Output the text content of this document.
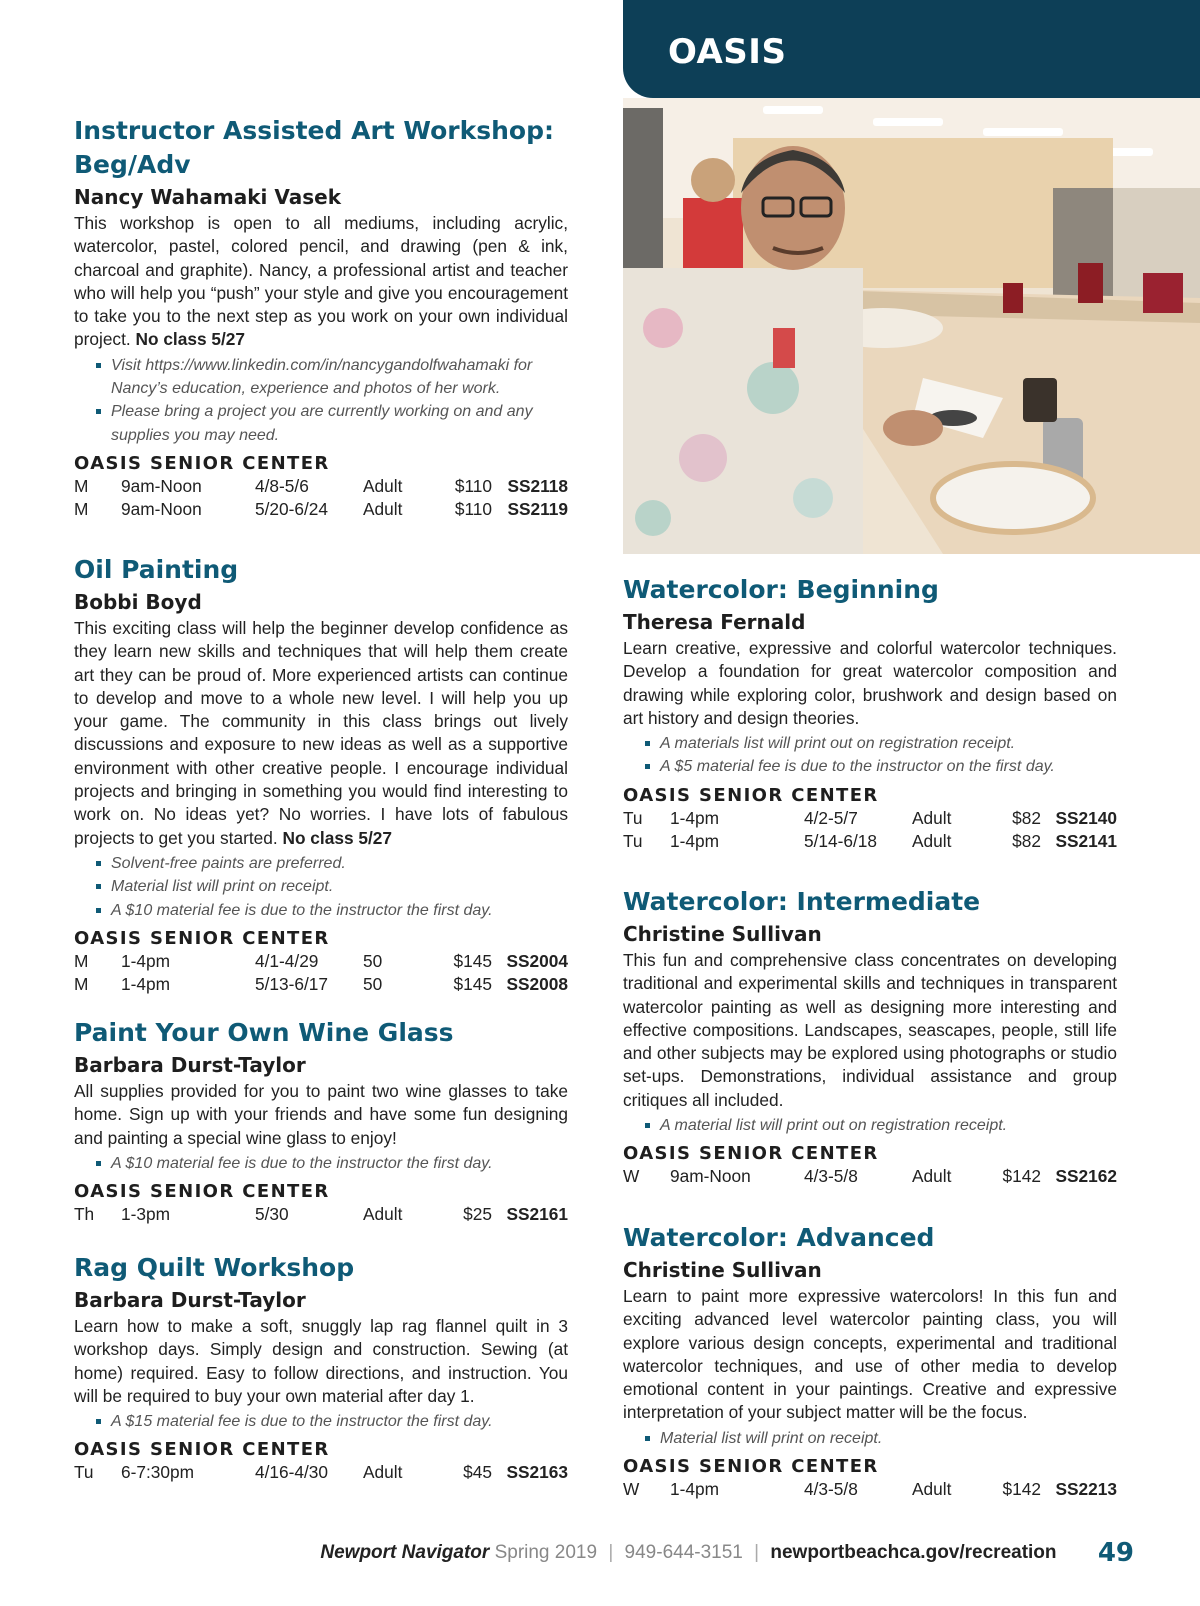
OASIS
Instructor Assisted Art Workshop: Beg/Adv
Nancy Wahamaki Vasek

This workshop is open to all mediums, including acrylic, watercolor, pastel, colored pencil, and drawing (pen & ink, charcoal and graphite). Nancy, a professional artist and teacher who will help you “push” your style and give you encouragement to take you to the next step as you work on your own individual project. No class 5/27

Visit https://www.linkedin.com/in/nancygandolfwahamaki for Nancy’s education, experience and photos of her work.
Please bring a project you are currently working on and any supplies you may need.
OASIS SENIOR CENTER
M 9am-Noon	4/8-5/6	Adult	$110 SS2118
M 9am-Noon	5/20-6/24 Adult	$110 SS2119
Oil Painting
Bobbi Boyd

This exciting class will help the beginner develop confidence as they learn new skills and techniques that will help them create art they can be proud of. More experienced artists can continue to develop and move to a whole new level. I will help you up your game. The community in this class brings out lively discussions and exposure to new ideas as well as a supportive environment with other creative people. I encourage individual projects and bringing in something you would find interesting to work on. No ideas yet? No worries. I have lots of fabulous projects to get you started. No class 5/27

Solvent-free paints are preferred.
Material list will print on receipt.
A $10 material fee is due to the instructor the first day.
OASIS SENIOR CENTER
M 1-4pm	4/1-4/29	50	$145 SS2004
M 1-4pm	5/13-6/17 50	$145 SS2008
Paint Your Own Wine Glass
Barbara Durst-Taylor

All supplies provided for you to paint two wine glasses to take home. Sign up with your friends and have some fun designing and painting a special wine glass to enjoy!

A $10 material fee is due to the instructor the first day.
OASIS SENIOR CENTER
Th 1-3pm	5/30	Adult	$25 SS2161
Rag Quilt Workshop
Barbara Durst-Taylor

Learn how to make a soft, snuggly lap rag flannel quilt in 3 workshop days. Simply design and construction. Sewing (at home) required. Easy to follow directions, and instruction. You will be required to buy your own material after day 1.

A $15 material fee is due to the instructor the first day.
OASIS SENIOR CENTER
Tu 6-7:30pm	4/16-4/30 Adult	$45 SS2163
Watercolor: Beginning
Theresa Fernald

Learn creative, expressive and colorful watercolor techniques. Develop a foundation for great watercolor composition and drawing while exploring color, brushwork and design based on art history and design theories.

A materials list will print out on registration receipt.
A $5 material fee is due to the instructor on the first day.
OASIS SENIOR CENTER
Tu 1-4pm	4/2-5/7	Adult	$82 SS2140
Tu 1-4pm	5/14-6/18 Adult	$82 SS2141
Watercolor: Intermediate
Christine Sullivan

This fun and comprehensive class concentrates on developing traditional and experimental skills and techniques in transparent watercolor painting as well as designing more interesting and effective compositions. Landscapes, seascapes, people, still life and other subjects may be explored using photographs or studio set-ups. Demonstrations, individual assistance and group critiques all included.

A material list will print out on registration receipt.
OASIS SENIOR CENTER
W 9am-Noon	4/3-5/8	Adult	$142 SS2162
Watercolor: Advanced
Christine Sullivan

Learn to paint more expressive watercolors! In this fun and exciting advanced level watercolor painting class, you will explore various design concepts, experimental and traditional watercolor techniques, and use of other media to develop emotional content in your paintings. Creative and expressive interpretation of your subject matter will be the focus.

Material list will print on receipt.
OASIS SENIOR CENTER
W 1-4pm	4/3-5/8	Adult	$142 SS2213
Newport Navigator Spring 2019 | 949-644-3151 | newportbeachca.gov/recreation 49
